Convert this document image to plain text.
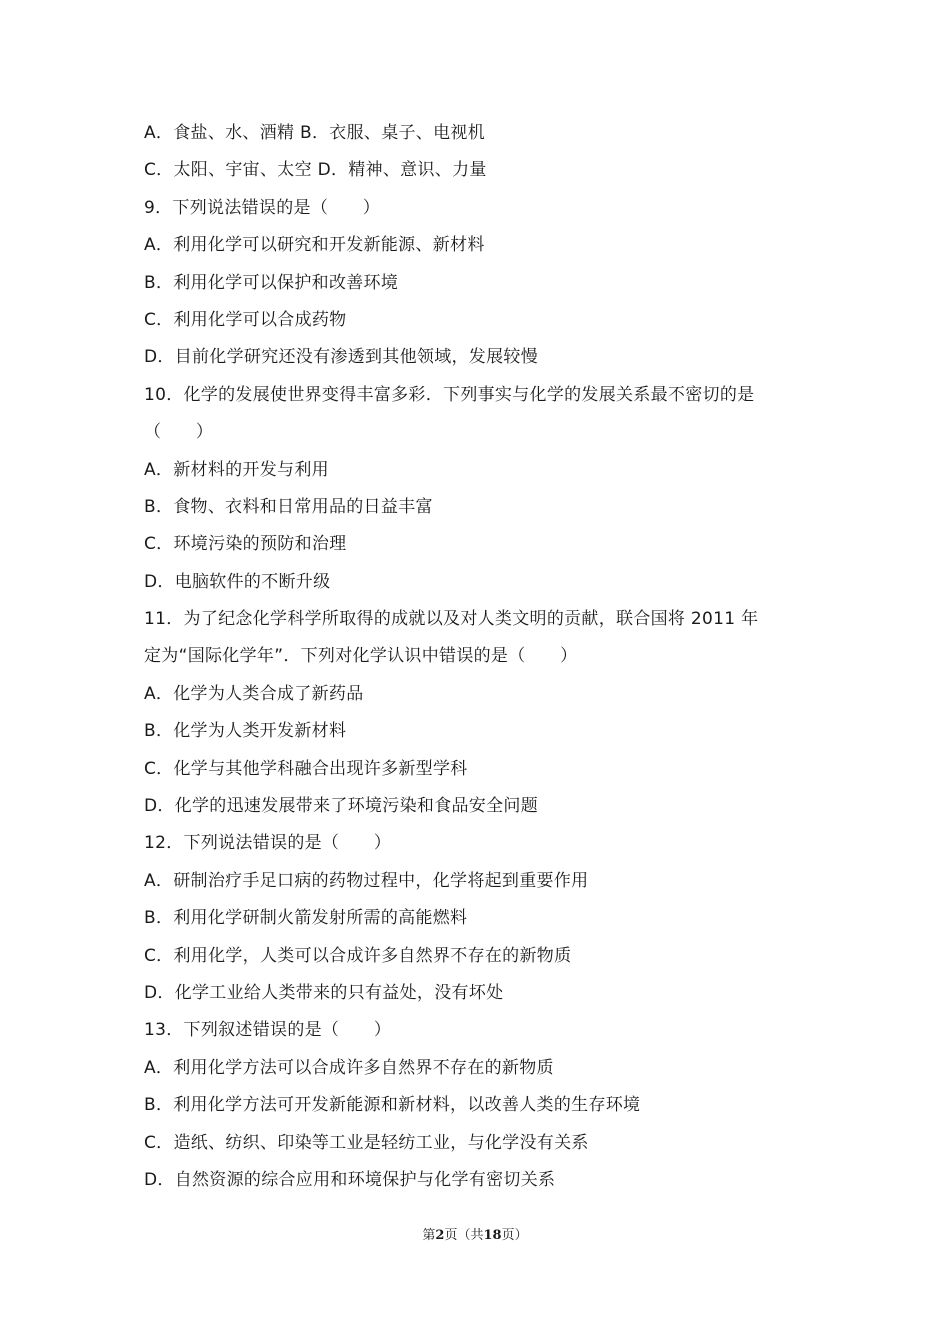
A．食盐、水、酒精 B．衣服、桌子、电视机
C．太阳、宇宙、太空 D．精神、意识、力量
9．下列说法错误的是（　　）
A．利用化学可以研究和开发新能源、新材料
B．利用化学可以保护和改善环境
C．利用化学可以合成药物
D．目前化学研究还没有渗透到其他领域，发展较慢
10．化学的发展使世界变得丰富多彩．下列事实与化学的发展关系最不密切的是
（　　）
A．新材料的开发与利用
B．食物、衣料和日常用品的日益丰富
C．环境污染的预防和治理
D．电脑软件的不断升级
11．为了纪念化学科学所取得的成就以及对人类文明的贡献，联合国将 2011 年
定为“国际化学年”．下列对化学认识中错误的是（　　）
A．化学为人类合成了新药品
B．化学为人类开发新材料
C．化学与其他学科融合出现许多新型学科
D．化学的迅速发展带来了环境污染和食品安全问题
12．下列说法错误的是（　　）
A．研制治疗手足口病的药物过程中，化学将起到重要作用
B．利用化学研制火箭发射所需的高能燃料
C．利用化学，人类可以合成许多自然界不存在的新物质
D．化学工业给人类带来的只有益处，没有坏处
13．下列叙述错误的是（　　）
A．利用化学方法可以合成许多自然界不存在的新物质
B．利用化学方法可开发新能源和新材料，以改善人类的生存环境
C．造纸、纺织、印染等工业是轻纺工业，与化学没有关系
D．自然资源的综合应用和环境保护与化学有密切关系
第2页（共18页）
